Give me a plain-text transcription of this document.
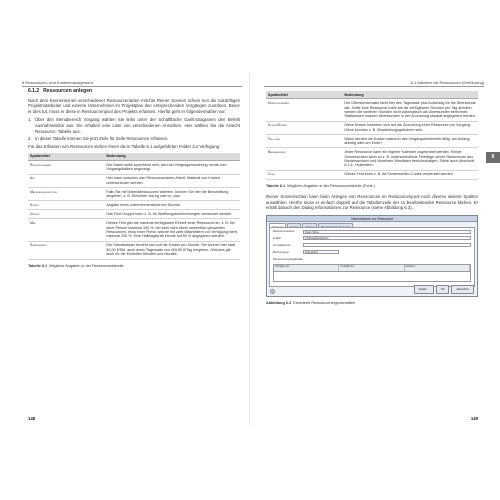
6 Ressourcen- und Kostenmanagement
6.1.2 Ressourcen anlegen

Nach dem Kennenlernen verschiedener Ressourcenarten möchte Reiner Sonnen schein nun die zukünftigen Projektmitarbeiter und externe Unternehmen im Projektplan den entsprechenden Vorgängen zuordnen. Bevor er dies tut, muss er diese in Ressourcenpool des Projekts erfassen. Hierfür geht er folgendermaßen vor:

1. Über den Menübereich Vorgang wählen Sie links unter der Schaltfläche Gantt-Diagramm den Befehl Ausnahmeblick aus. Sie erhalten eine Liste von verschiedenen Ansichten. Hier wählen Sie die Ansicht Ressource: Tabelle aus.
2. In dieser Tabelle können Sie jetzt Zeile für Zeile Ressourcen erfassen.

Für das Erfassen von Ressourcen stehen Ihnen die in Tabelle 6.1 aufgeführten Felder zur Verfügung.

Spaltentitel	Bedeutung
Ressourcenname	Der Name sollte sprechend sein, wird bei Vorgangszuordnung rechts vom Vorgangsbalken angezeigt.
Art	Hier kann zwischen den Ressourcenarten Arbeit, Material und Kosten unterschieden werden.
Materialbeschriftung	Falls Sie mit Materialressourcen arbeiten, können Sie hier die Beschriftung eingeben, z. B. Einheiten wie kg oder m, usw.
Kürzel	Angabe eines unternehmensinternen Kürzels
Gruppe	Das Feld Gruppe kann z. B. für Abteilungsbezeichnungen verwendet werden.
Max	Dieses Feld gibt die maximal verfügbaren Einheit einer Ressource an, z. B. bei einer Person maximal 100 %, bei zwei nicht direkt namentlich genannten Ressourcen, etwa einer Firma, welche mit zwei Mitarbeitern zur Verfügung steht, maximal 200 %. Eine Halbtagskraft könnte mit 50 % angegeben werden.
Standardsatz	Der Standardsatz bezieht sich auf die Kosten pro Stunde. Sie können hier statt 50,00 €/Std. auch einen Tagessatz von 400,00 €/Tag eingeben. Gleiches gilt auch für die Einheiten Minuten und Monate.
Tabelle 6.1 Mögliche Angaben in der Ressourcentabelle
148
6.1 Arbeiten mit Ressourcen (Einführung)
Spaltentitel	Bedeutung
Überstundensatz	Der Überstundensatz stellt hier den Tagessatz plus Aufschlag für die Überstunde dar. Sollte eine Ressource mehr als die verfügbaren Stunden pro Tag arbeiten, werden die weiteren Stunden nicht automatisch als Überstunden berechnet. Stattdessen müssen Überstunden in der Zuordnung separat angegeben werden.
Kosten/Einsatz	Diese Kosten beziehen sich auf die Zuordnung einer Ressource pro Vorgang. Diese könnten z. B. Bearbeitungsgebühren sein.
Fällig am	Wann werden die Kosten während des Vorgangsfortschritts fällig, am Anfang, anteilig oder am Ende?
Basiskalender	Jeder Ressource kann ein eigener Kalender zugeordnet werden. Reiner Sonnenschein kann so z. B. unterschiedliche Feiertage seiner Ressourcen aus Niedersachsen und Nordrhein-Westfalen berücksichtigen. Siehe auch Abschnitt 6.1.4, »Kalender«.
Code	Dieses Feld kann z. B. für Kostenstellen-Codes verwendet werden.
Tabelle 6.1 Mögliche Angaben in der Ressourcentabelle (Forts.)

Reiner Sonnenschein kann beim Anlegen von Ressourcen im Ressourcenpool noch diverse weitere Spalten auswählen. Hierfür muss er einfach doppelt auf die Tabellenzeile der zu bearbeitenden Ressource klicken. Er erhält danach den Dialog Informationen zur Ressource (siehe Abbildung 6.3).

Informationen zur Ressource
Ressourcenname:	Peter Hahne
E-Mail:	p.hahne@beispiel.de
Anmeldekonto...
Buchungstyp:	Zugesichert
Ressourcenverfügbarkeit
Verfügbar von	Verfügbar bis	Einheiten
?
Details...	OK	Abbrechen
Abbildung 6.3 Erweiterte Ressourceneigenschaften
149
6
